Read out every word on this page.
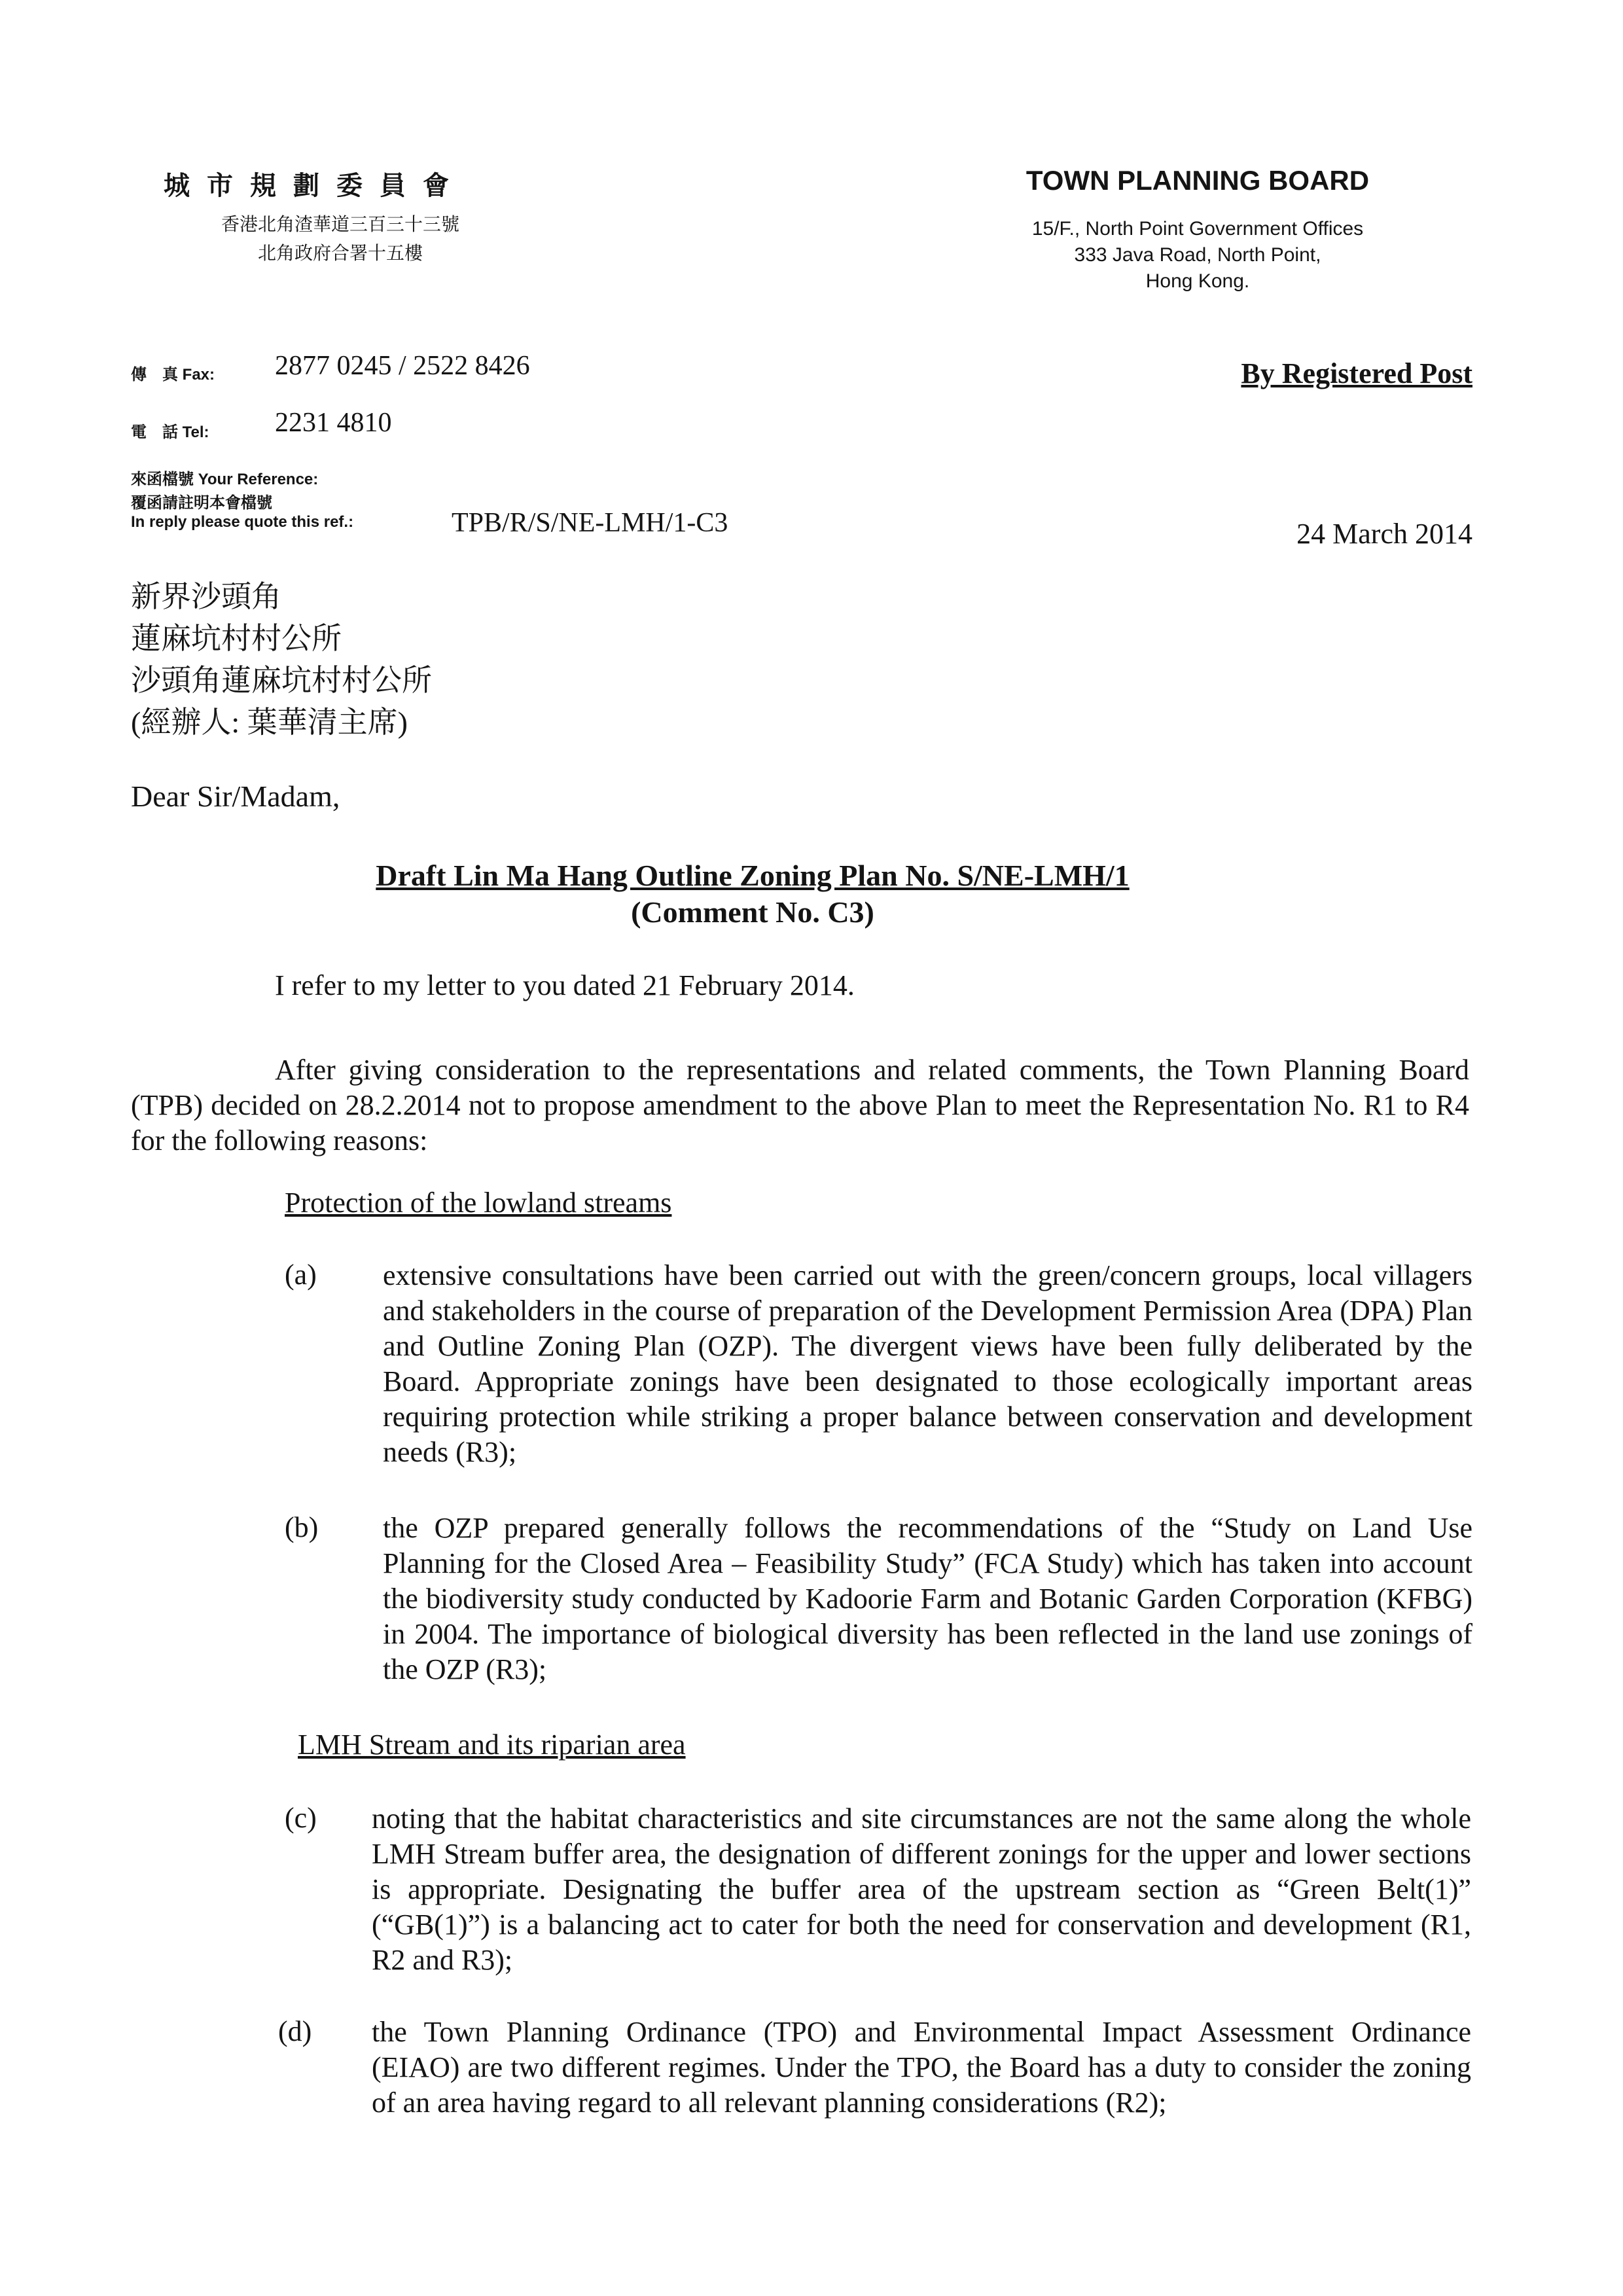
城市規劃委員會
香港北角渣華道三百三十三號
北角政府合署十五樓
TOWN PLANNING BOARD
15/F., North Point Government Offices
333 Java Road, North Point,
Hong Kong.
傳　真 Fax: 2877 0245 / 2522 8426
電　話 Tel: 2231 4810
來函檔號 Your Reference:
覆函請註明本會檔號
In reply please quote this ref.:	TPB/R/S/NE-LMH/1-C3
By Registered Post
24 March 2014
新界沙頭角
蓮麻坑村村公所
沙頭角蓮麻坑村村公所
(經辦人: 葉華清主席)
Dear Sir/Madam,
Draft Lin Ma Hang Outline Zoning Plan No. S/NE-LMH/1
(Comment No. C3)
I refer to my letter to you dated 21 February 2014.
After giving consideration to the representations and related comments, the Town Planning Board (TPB) decided on 28.2.2014 not to propose amendment to the above Plan to meet the Representation No. R1 to R4 for the following reasons:
Protection of the lowland streams
(a) extensive consultations have been carried out with the green/concern groups, local villagers and stakeholders in the course of preparation of the Development Permission Area (DPA) Plan and Outline Zoning Plan (OZP). The divergent views have been fully deliberated by the Board. Appropriate zonings have been designated to those ecologically important areas requiring protection while striking a proper balance between conservation and development needs (R3);
(b) the OZP prepared generally follows the recommendations of the “Study on Land Use Planning for the Closed Area – Feasibility Study” (FCA Study) which has taken into account the biodiversity study conducted by Kadoorie Farm and Botanic Garden Corporation (KFBG) in 2004. The importance of biological diversity has been reflected in the land use zonings of the OZP (R3);
LMH Stream and its riparian area
(c) noting that the habitat characteristics and site circumstances are not the same along the whole LMH Stream buffer area, the designation of different zonings for the upper and lower sections is appropriate. Designating the buffer area of the upstream section as “Green Belt(1)” (“GB(1)”) is a balancing act to cater for both the need for conservation and development (R1, R2 and R3);
(d) the Town Planning Ordinance (TPO) and Environmental Impact Assessment Ordinance (EIAO) are two different regimes. Under the TPO, the Board has a duty to consider the zoning of an area having regard to all relevant planning considerations (R2);
